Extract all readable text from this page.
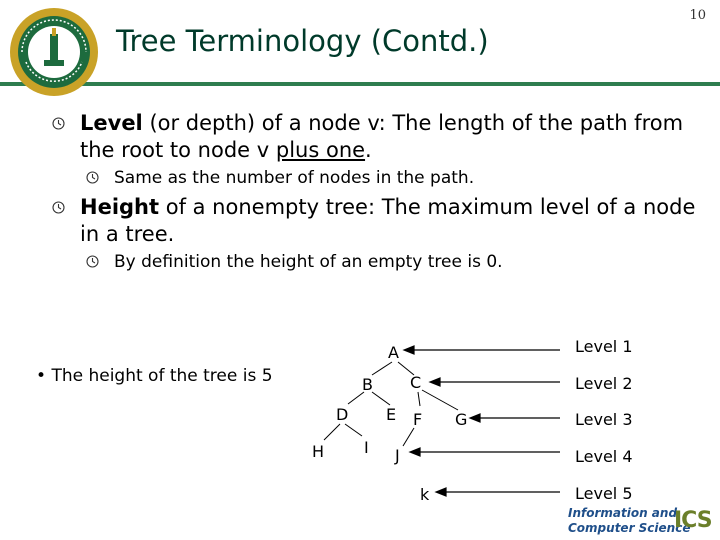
Tree Terminology (Contd.)
10
Level (or depth) of a node v: The length of the path from the root to node v plus one.
Same as the number of nodes in the path.
Height of a nonempty tree: The maximum level of a node in a tree.
By definition the height of an empty tree is 0.
• The height of the tree is 5
A
B C
D E F G
H I J
k
Level 1
Level 2
Level 3
Level 4
Level 5
Information and
Computer Science
ICS
